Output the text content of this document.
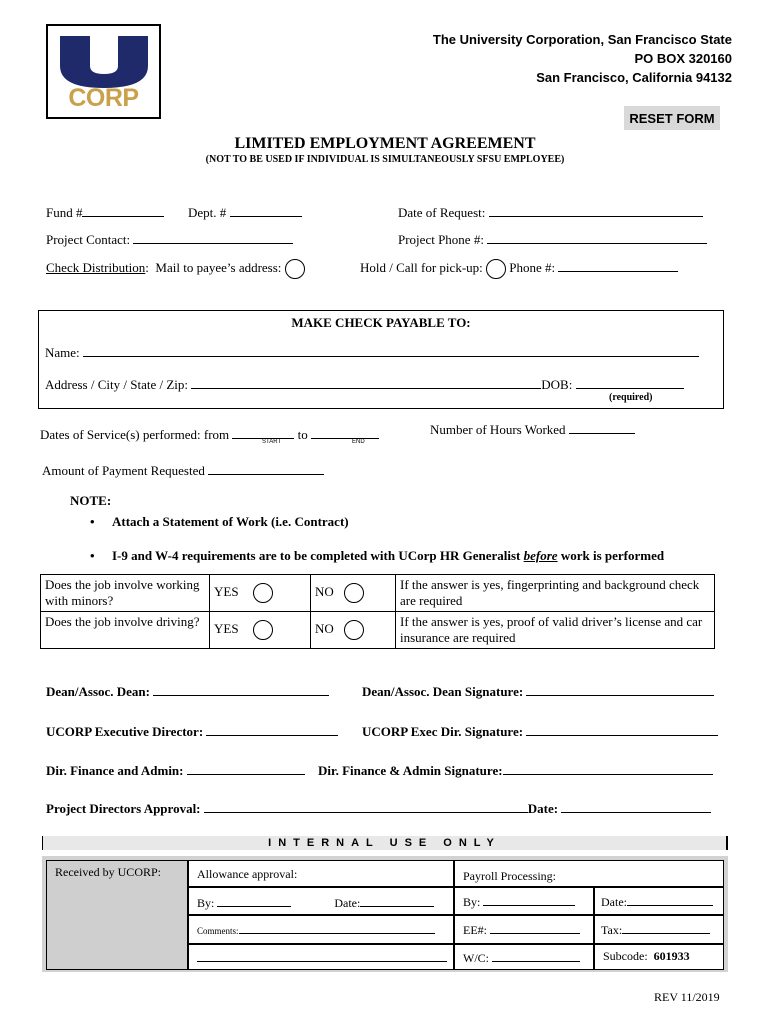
CORP
The University Corporation, San Francisco State
PO BOX 320160
San Francisco, California 94132
RESET FORM
LIMITED EMPLOYMENT AGREEMENT
(NOT TO BE USED IF INDIVIDUAL IS SIMULTANEOUSLY SFSU EMPLOYEE)
Fund #	Dept. #	Date of Request:
Project Contact:	Project Phone #:
Check Distribution:  Mail to payee’s address:	Hold / Call for pick-up: Phone #:
MAKE CHECK PAYABLE TO:
Name:
Address / City / State / Zip:	DOB:
(required)
Dates of Service(s) performed: from	to
START	END
Number of Hours Worked
Amount of Payment Requested
NOTE:
• Attach a Statement of Work (i.e. Contract)
• I-9 and W-4 requirements are to be completed with UCorp HR Generalist before work is performed
Does the job involve working with minors?	YES	NO	If the answer is yes, fingerprinting and background check are required
Does the job involve driving?	YES	NO	If the answer is yes, proof of valid driver’s license and car insurance are required
Dean/Assoc. Dean:	Dean/Assoc. Dean Signature:
UCORP Executive Director:	UCORP Exec Dir. Signature:
Dir. Finance and Admin:	Dir. Finance & Admin Signature:
Project Directors Approval:	Date:
INTERNAL USE ONLY
Received by UCORP:	Allowance approval:
By:	Date:
Comments:
Payroll Processing:
By:	Date:
EE#:	Tax:
W/C:	Subcode: 601933
REV 11/2019
